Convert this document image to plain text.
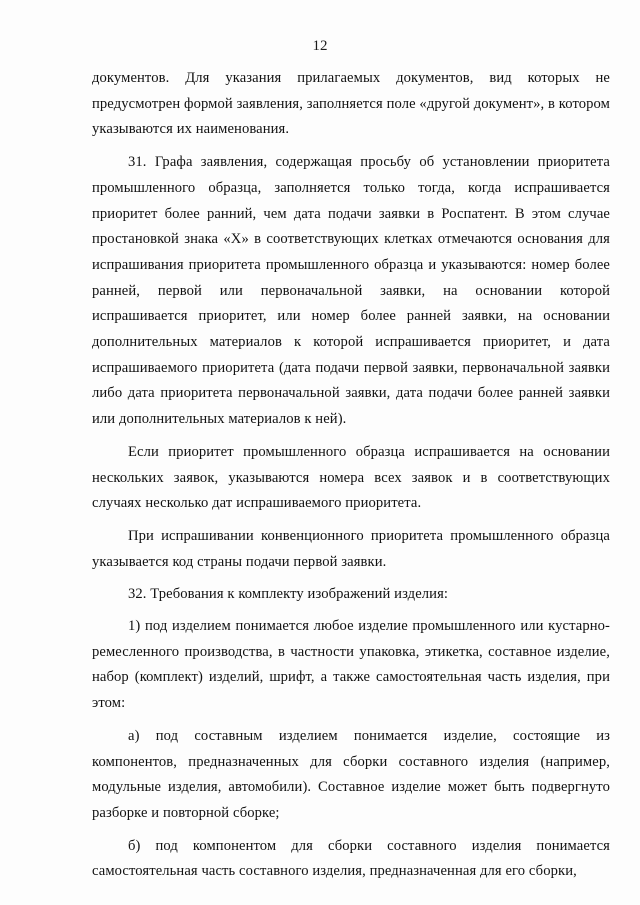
12

документов. Для указания прилагаемых документов, вид которых не предусмотрен формой заявления, заполняется поле «другой документ», в котором указываются их наименования.

31. Графа заявления, содержащая просьбу об установлении приоритета промышленного образца, заполняется только тогда, когда испрашивается приоритет более ранний, чем дата подачи заявки в Роспатент. В этом случае простановкой знака «Х» в соответствующих клетках отмечаются основания для испрашивания приоритета промышленного образца и указываются: номер более ранней, первой или первоначальной заявки, на основании которой испрашивается приоритет, или номер более ранней заявки, на основании дополнительных материалов к которой испрашивается приоритет, и дата испрашиваемого приоритета (дата подачи первой заявки, первоначальной заявки либо дата приоритета первоначальной заявки, дата подачи более ранней заявки или дополнительных материалов к ней).

Если приоритет промышленного образца испрашивается на основании нескольких заявок, указываются номера всех заявок и в соответствующих случаях несколько дат испрашиваемого приоритета.

При испрашивании конвенционного приоритета промышленного образца указывается код страны подачи первой заявки.

32. Требования к комплекту изображений изделия:

1) под изделием понимается любое изделие промышленного или кустарно-ремесленного производства, в частности упаковка, этикетка, составное изделие, набор (комплект) изделий, шрифт, а также самостоятельная часть изделия, при этом:

а) под составным изделием понимается изделие, состоящие из компонентов, предназначенных для сборки составного изделия (например, модульные изделия, автомобили). Составное изделие может быть подвергнуто разборке и повторной сборке;

б) под компонентом для сборки составного изделия понимается самостоятельная часть составного изделия, предназначенная для его сборки,
